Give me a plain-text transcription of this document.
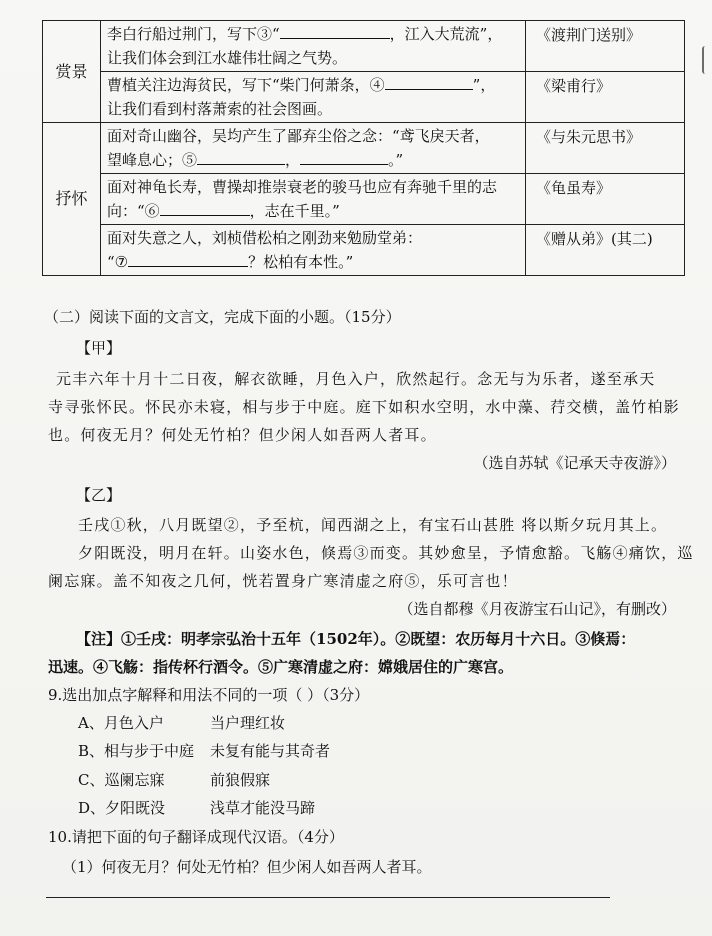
赏景	李白行船过荆门，写下③“ ，江入大荒流”，
让我们体会到江水雄伟壮阔之气势。	《渡荆门送别》

	曹植关注边海贫民，写下“柴门何萧条，④ ”，
让我们看到村落萧索的社会图画。	《梁甫行》
抒怀	面对奇山幽谷，吴均产生了鄙弃尘俗之念：“鸢飞戾天者，
望峰息心；⑤ ， 。”	《与朱元思书》

	面对神龟长寿，曹操却推崇衰老的骏马也应有奔驰千里的志
向：“⑥ ，志在千里。”	《龟虽寿》

	面对失意之人，刘桢借松柏之刚劲来勉励堂弟：
“⑦ ？松柏有本性。”	《赠从弟》(其二)
（二）阅读下面的文言文，完成下面的小题。（15分）
【甲】
元丰六年十月十二日夜，解衣欲睡，月色入户，欣然起行。念无与为乐者，遂至承天
寺寻张怀民。怀民亦未寝，相与步于中庭。庭下如积水空明，水中藻、荇交横，盖竹柏影
也。何夜无月？何处无竹柏？但少闲人如吾两人者耳。
（选自苏轼《记承天寺夜游》）
【乙】
壬戌①秋，八月既望②，予至杭，闻西湖之上，有宝石山甚胜 将以斯夕玩月其上。
夕阳既没，明月在轩。山姿水色，倏焉③而变。其妙愈呈，予情愈豁。飞觞④痛饮，巡
阑忘寐。盖不知夜之几何，恍若置身广寒清虚之府⑤，乐可言也！
（选自都穆《月夜游宝石山记》，有删改）
【注】①壬戌：明孝宗弘治十五年（1502年）。②既望：农历每月十六日。③倏焉：
迅速。④飞觞：指传杯行酒令。⑤广寒清虚之府：嫦娥居住的广寒宫。
9.选出加点字解释和用法不同的一项（ ）（3分）
A、月色入户	当户理红妆
B、相与步于中庭 未复有能与其奇者
C、巡阑忘寐	前狼假寐
D、夕阳既没	浅草才能没马蹄
10.请把下面的句子翻译成现代汉语。（4分）
（1）何夜无月？何处无竹柏？但少闲人如吾两人者耳。
